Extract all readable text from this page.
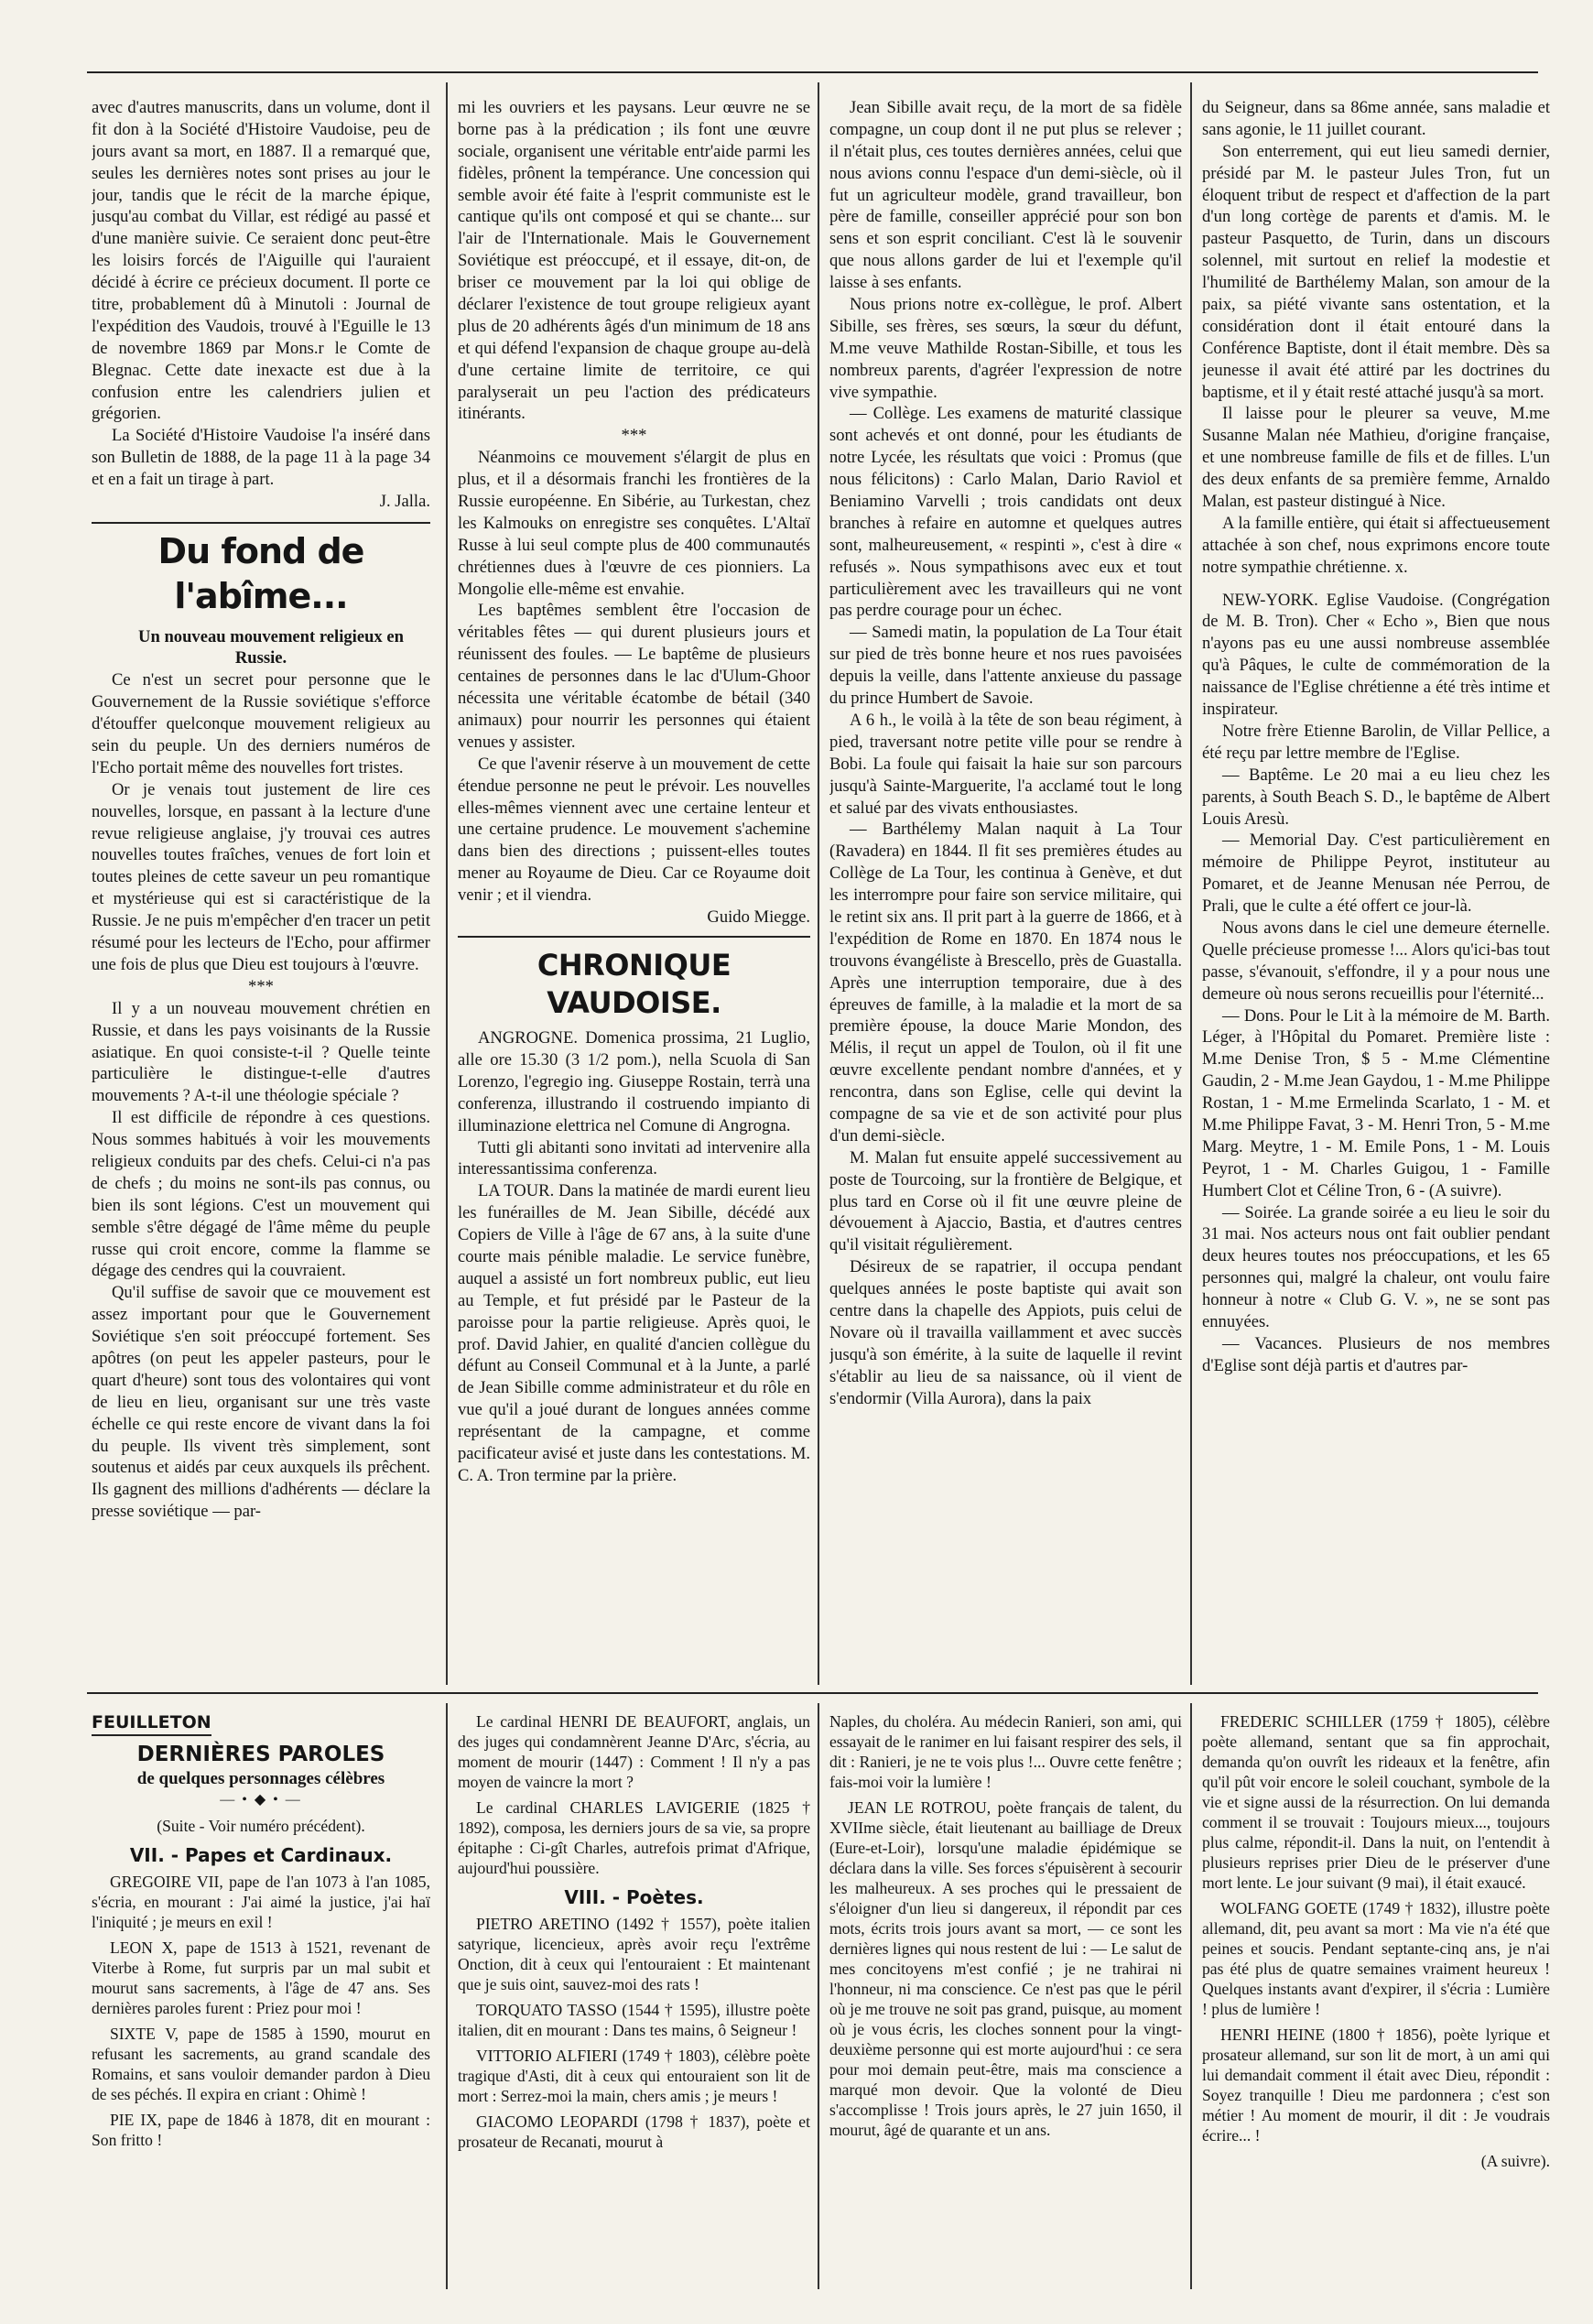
avec d'autres manuscrits, dans un volume, dont il fit don à la Société d'Histoire Vaudoise, peu de jours avant sa mort, en 1887. Il a remarqué que, seules les dernières notes sont prises au jour le jour, tandis que le récit de la marche épique, jusqu'au combat du Villar, est rédigé au passé et d'une manière suivie. Ce seraient donc peut-être les loisirs forcés de l'Aiguille qui l'auraient décidé à écrire ce précieux document. Il porte ce titre, probablement dû à Minutoli : Journal de l'expédition des Vaudois, trouvé à l'Eguille le 13 de novembre 1869 par Mons.r le Comte de Blegnac. Cette date inexacte est due à la confusion entre les calendriers julien et grégorien.

La Société d'Histoire Vaudoise l'a inséré dans son Bulletin de 1888, de la page 11 à la page 34 et en a fait un tirage à part.

J. Jalla.

Du fond de l'abîme...

Un nouveau mouvement religieux en Russie.

Ce n'est un secret pour personne que le Gouvernement de la Russie soviétique s'efforce d'étouffer quelconque mouvement religieux au sein du peuple. Un des derniers numéros de l'Echo portait même des nouvelles fort tristes.

Or je venais tout justement de lire ces nouvelles, lorsque, en passant à la lecture d'une revue religieuse anglaise, j'y trouvai ces autres nouvelles toutes fraîches, venues de fort loin et toutes pleines de cette saveur un peu romantique et mystérieuse qui est si caractéristique de la Russie. Je ne puis m'empêcher d'en tracer un petit résumé pour les lecteurs de l'Echo, pour affirmer une fois de plus que Dieu est toujours à l'œuvre.

***

Il y a un nouveau mouvement chrétien en Russie, et dans les pays voisinants de la Russie asiatique. En quoi consiste-t-il ? Quelle teinte particulière le distingue-t-elle d'autres mouvements ? A-t-il une théologie spéciale ?

Il est difficile de répondre à ces questions. Nous sommes habitués à voir les mouvements religieux conduits par des chefs. Celui-ci n'a pas de chefs ; du moins ne sont-ils pas connus, ou bien ils sont légions. C'est un mouvement qui semble s'être dégagé de l'âme même du peuple russe qui croit encore, comme la flamme se dégage des cendres qui la couvraient.

Qu'il suffise de savoir que ce mouvement est assez important pour que le Gouvernement Soviétique s'en soit préoccupé fortement. Ses apôtres (on peut les appeler pasteurs, pour le quart d'heure) sont tous des volontaires qui vont de lieu en lieu, organisant sur une très vaste échelle ce qui reste encore de vivant dans la foi du peuple. Ils vivent très simplement, sont soutenus et aidés par ceux auxquels ils prêchent. Ils gagnent des millions d'adhérents — déclare la presse soviétique — par-

mi les ouvriers et les paysans. Leur œuvre ne se borne pas à la prédication ; ils font une œuvre sociale, organisent une véritable entr'aide parmi les fidèles, prônent la tempérance. Une concession qui semble avoir été faite à l'esprit communiste est le cantique qu'ils ont composé et qui se chante... sur l'air de l'Internationale. Mais le Gouvernement Soviétique est préoccupé, et il essaye, dit-on, de briser ce mouvement par la loi qui oblige de déclarer l'existence de tout groupe religieux ayant plus de 20 adhérents âgés d'un minimum de 18 ans et qui défend l'expansion de chaque groupe au-delà d'une certaine limite de territoire, ce qui paralyserait un peu l'action des prédicateurs itinérants.

***

Néanmoins ce mouvement s'élargit de plus en plus, et il a désormais franchi les frontières de la Russie européenne. En Sibérie, au Turkestan, chez les Kalmouks on enregistre ses conquêtes. L'Altaï Russe à lui seul compte plus de 400 communautés chrétiennes dues à l'œuvre de ces pionniers. La Mongolie elle-même est envahie.

Les baptêmes semblent être l'occasion de véritables fêtes — qui durent plusieurs jours et réunissent des foules. — Le baptême de plusieurs centaines de personnes dans le lac d'Ulum-Ghoor nécessita une véritable écatombe de bétail (340 animaux) pour nourrir les personnes qui étaient venues y assister.

Ce que l'avenir réserve à un mouvement de cette étendue personne ne peut le prévoir. Les nouvelles elles-mêmes viennent avec une certaine lenteur et une certaine prudence. Le mouvement s'achemine dans bien des directions ; puissent-elles toutes mener au Royaume de Dieu. Car ce Royaume doit venir ; et il viendra.

Guido Miegge.

CHRONIQUE VAUDOISE.

ANGROGNE. Domenica prossima, 21 Luglio, alle ore 15.30 (3 1/2 pom.), nella Scuola di San Lorenzo, l'egregio ing. Giuseppe Rostain, terrà una conferenza, illustrando il costruendo impianto di illuminazione elettrica nel Comune di Angrogna.

Tutti gli abitanti sono invitati ad intervenire alla interessantissima conferenza.

LA TOUR. Dans la matinée de mardi eurent lieu les funérailles de M. Jean Sibille, décédé aux Copiers de Ville à l'âge de 67 ans, à la suite d'une courte mais pénible maladie. Le service funèbre, auquel a assisté un fort nombreux public, eut lieu au Temple, et fut présidé par le Pasteur de la paroisse pour la partie religieuse. Après quoi, le prof. David Jahier, en qualité d'ancien collègue du défunt au Conseil Communal et à la Junte, a parlé de Jean Sibille comme administrateur et du rôle en vue qu'il a joué durant de longues années comme représentant de la campagne, et comme pacificateur avisé et juste dans les contestations. M. C. A. Tron termine par la prière.

Jean Sibille avait reçu, de la mort de sa fidèle compagne, un coup dont il ne put plus se relever ; il n'était plus, ces toutes dernières années, celui que nous avions connu l'espace d'un demi-siècle, où il fut un agriculteur modèle, grand travailleur, bon père de famille, conseiller apprécié pour son bon sens et son esprit conciliant. C'est là le souvenir que nous allons garder de lui et l'exemple qu'il laisse à ses enfants.

Nous prions notre ex-collègue, le prof. Albert Sibille, ses frères, ses sœurs, la sœur du défunt, M.me veuve Mathilde Rostan-Sibille, et tous les nombreux parents, d'agréer l'expression de notre vive sympathie.

— Collège. Les examens de maturité classique sont achevés et ont donné, pour les étudiants de notre Lycée, les résultats que voici : Promus (que nous félicitons) : Carlo Malan, Dario Raviol et Beniamino Varvelli ; trois candidats ont deux branches à refaire en automne et quelques autres sont, malheureusement, « respinti », c'est à dire « refusés ». Nous sympathisons avec eux et tout particulièrement avec les travailleurs qui ne vont pas perdre courage pour un échec.

— Samedi matin, la population de La Tour était sur pied de très bonne heure et nos rues pavoisées depuis la veille, dans l'attente anxieuse du passage du prince Humbert de Savoie.

A 6 h., le voilà à la tête de son beau régiment, à pied, traversant notre petite ville pour se rendre à Bobi. La foule qui faisait la haie sur son parcours jusqu'à Sainte-Marguerite, l'a acclamé tout le long et salué par des vivats enthousiastes.

— Barthélemy Malan naquit à La Tour (Ravadera) en 1844. Il fit ses premières études au Collège de La Tour, les continua à Genève, et dut les interrompre pour faire son service militaire, qui le retint six ans. Il prit part à la guerre de 1866, et à l'expédition de Rome en 1870. En 1874 nous le trouvons évangéliste à Brescello, près de Guastalla. Après une interruption temporaire, due à des épreuves de famille, à la maladie et la mort de sa première épouse, la douce Marie Mondon, des Mélis, il reçut un appel de Toulon, où il fit une œuvre excellente pendant nombre d'années, et y rencontra, dans son Eglise, celle qui devint la compagne de sa vie et de son activité pour plus d'un demi-siècle.

M. Malan fut ensuite appelé successivement au poste de Tourcoing, sur la frontière de Belgique, et plus tard en Corse où il fit une œuvre pleine de dévouement à Ajaccio, Bastia, et d'autres centres qu'il visitait régulièrement.

Désireux de se rapatrier, il occupa pendant quelques années le poste baptiste qui avait son centre dans la chapelle des Appiots, puis celui de Novare où il travailla vaillamment et avec succès jusqu'à son émérite, à la suite de laquelle il revint s'établir au lieu de sa naissance, où il vient de s'endormir (Villa Aurora), dans la paix

du Seigneur, dans sa 86me année, sans maladie et sans agonie, le 11 juillet courant.

Son enterrement, qui eut lieu samedi dernier, présidé par M. le pasteur Jules Tron, fut un éloquent tribut de respect et d'affection de la part d'un long cortège de parents et d'amis. M. le pasteur Pasquetto, de Turin, dans un discours solennel, mit surtout en relief la modestie et l'humilité de Barthélemy Malan, son amour de la paix, sa piété vivante sans ostentation, et la considération dont il était entouré dans la Conférence Baptiste, dont il était membre. Dès sa jeunesse il avait été attiré par les doctrines du baptisme, et il y était resté attaché jusqu'à sa mort.

Il laisse pour le pleurer sa veuve, M.me Susanne Malan née Mathieu, d'origine française, et une nombreuse famille de fils et de filles. L'un des deux enfants de sa première femme, Arnaldo Malan, est pasteur distingué à Nice.

A la famille entière, qui était si affectueusement attachée à son chef, nous exprimons encore toute notre sympathie chrétienne. x.

NEW-YORK. Eglise Vaudoise. (Congrégation de M. B. Tron). Cher « Echo », Bien que nous n'ayons pas eu une aussi nombreuse assemblée qu'à Pâques, le culte de commémoration de la naissance de l'Eglise chrétienne a été très intime et inspirateur.

Notre frère Etienne Barolin, de Villar Pellice, a été reçu par lettre membre de l'Eglise.

— Baptême. Le 20 mai a eu lieu chez les parents, à South Beach S. D., le baptême de Albert Louis Aresù.

— Memorial Day. C'est particulièrement en mémoire de Philippe Peyrot, instituteur au Pomaret, et de Jeanne Menusan née Perrou, de Prali, que le culte a été offert ce jour-là.

Nous avons dans le ciel une demeure éternelle. Quelle précieuse promesse !... Alors qu'ici-bas tout passe, s'évanouit, s'effondre, il y a pour nous une demeure où nous serons recueillis pour l'éternité...

— Dons. Pour le Lit à la mémoire de M. Barth. Léger, à l'Hôpital du Pomaret. Première liste : M.me Denise Tron, $ 5 - M.me Clémentine Gaudin, 2 - M.me Jean Gaydou, 1 - M.me Philippe Rostan, 1 - M.me Ermelinda Scarlato, 1 - M. et M.me Philippe Favat, 3 - M. Henri Tron, 5 - M.me Marg. Meytre, 1 - M. Emile Pons, 1 - M. Louis Peyrot, 1 - M. Charles Guigou, 1 - Famille Humbert Clot et Céline Tron, 6 - (A suivre).

— Soirée. La grande soirée a eu lieu le soir du 31 mai. Nos acteurs nous ont fait oublier pendant deux heures toutes nos préoccupations, et les 65 personnes qui, malgré la chaleur, ont voulu faire honneur à notre « Club G. V. », ne se sont pas ennuyées.

— Vacances. Plusieurs de nos membres d'Eglise sont déjà partis et d'autres par-

FEUILLETON
DERNIÈRES PAROLES
de quelques personnages célèbres
— • ◆ • —

(Suite - Voir numéro précédent).

VII. - Papes et Cardinaux.

GREGOIRE VII, pape de l'an 1073 à l'an 1085, s'écria, en mourant : J'ai aimé la justice, j'ai haï l'iniquité ; je meurs en exil !

LEON X, pape de 1513 à 1521, revenant de Viterbe à Rome, fut surpris par un mal subit et mourut sans sacrements, à l'âge de 47 ans. Ses dernières paroles furent : Priez pour moi !

SIXTE V, pape de 1585 à 1590, mourut en refusant les sacrements, au grand scandale des Romains, et sans vouloir demander pardon à Dieu de ses péchés. Il expira en criant : Ohimè !

PIE IX, pape de 1846 à 1878, dit en mourant : Son fritto !

Le cardinal HENRI DE BEAUFORT, anglais, un des juges qui condamnèrent Jeanne D'Arc, s'écria, au moment de mourir (1447) : Comment ! Il n'y a pas moyen de vaincre la mort ?

Le cardinal CHARLES LAVIGERIE (1825 † 1892), composa, les derniers jours de sa vie, sa propre épitaphe : Ci-gît Charles, autrefois primat d'Afrique, aujourd'hui poussière.

VIII. - Poètes.

PIETRO ARETINO (1492 † 1557), poète italien satyrique, licencieux, après avoir reçu l'extrême Onction, dit à ceux qui l'entouraient : Et maintenant que je suis oint, sauvez-moi des rats !

TORQUATO TASSO (1544 † 1595), illustre poète italien, dit en mourant : Dans tes mains, ô Seigneur !

VITTORIO ALFIERI (1749 † 1803), célèbre poète tragique d'Asti, dit à ceux qui entouraient son lit de mort : Serrez-moi la main, chers amis ; je meurs !

GIACOMO LEOPARDI (1798 † 1837), poète et prosateur de Recanati, mourut à

Naples, du choléra. Au médecin Ranieri, son ami, qui essayait de le ranimer en lui faisant respirer des sels, il dit : Ranieri, je ne te vois plus !... Ouvre cette fenêtre ; fais-moi voir la lumière !

JEAN LE ROTROU, poète français de talent, du XVIIme siècle, était lieutenant au bailliage de Dreux (Eure-et-Loir), lorsqu'une maladie épidémique se déclara dans la ville. Ses forces s'épuisèrent à secourir les malheureux. A ses proches qui le pressaient de s'éloigner d'un lieu si dangereux, il répondit par ces mots, écrits trois jours avant sa mort, — ce sont les dernières lignes qui nous restent de lui : — Le salut de mes concitoyens m'est confié ; je ne trahirai ni l'honneur, ni ma conscience. Ce n'est pas que le péril où je me trouve ne soit pas grand, puisque, au moment où je vous écris, les cloches sonnent pour la vingt-deuxième personne qui est morte aujourd'hui : ce sera pour moi demain peut-être, mais ma conscience a marqué mon devoir. Que la volonté de Dieu s'accomplisse ! Trois jours après, le 27 juin 1650, il mourut, âgé de quarante et un ans.

FREDERIC SCHILLER (1759 † 1805), célèbre poète allemand, sentant que sa fin approchait, demanda qu'on ouvrît les rideaux et la fenêtre, afin qu'il pût voir encore le soleil couchant, symbole de la vie et signe aussi de la résurrection. On lui demanda comment il se trouvait : Toujours mieux..., toujours plus calme, répondit-il. Dans la nuit, on l'entendit à plusieurs reprises prier Dieu de le préserver d'une mort lente. Le jour suivant (9 mai), il était exaucé.

WOLFANG GOETE (1749 † 1832), illustre poète allemand, dit, peu avant sa mort : Ma vie n'a été que peines et soucis. Pendant septante-cinq ans, je n'ai pas été plus de quatre semaines vraiment heureux ! Quelques instants avant d'expirer, il s'écria : Lumière ! plus de lumière !

HENRI HEINE (1800 † 1856), poète lyrique et prosateur allemand, sur son lit de mort, à un ami qui lui demandait comment il était avec Dieu, répondit : Soyez tranquille ! Dieu me pardonnera ; c'est son métier ! Au moment de mourir, il dit : Je voudrais écrire... !

(A suivre).
